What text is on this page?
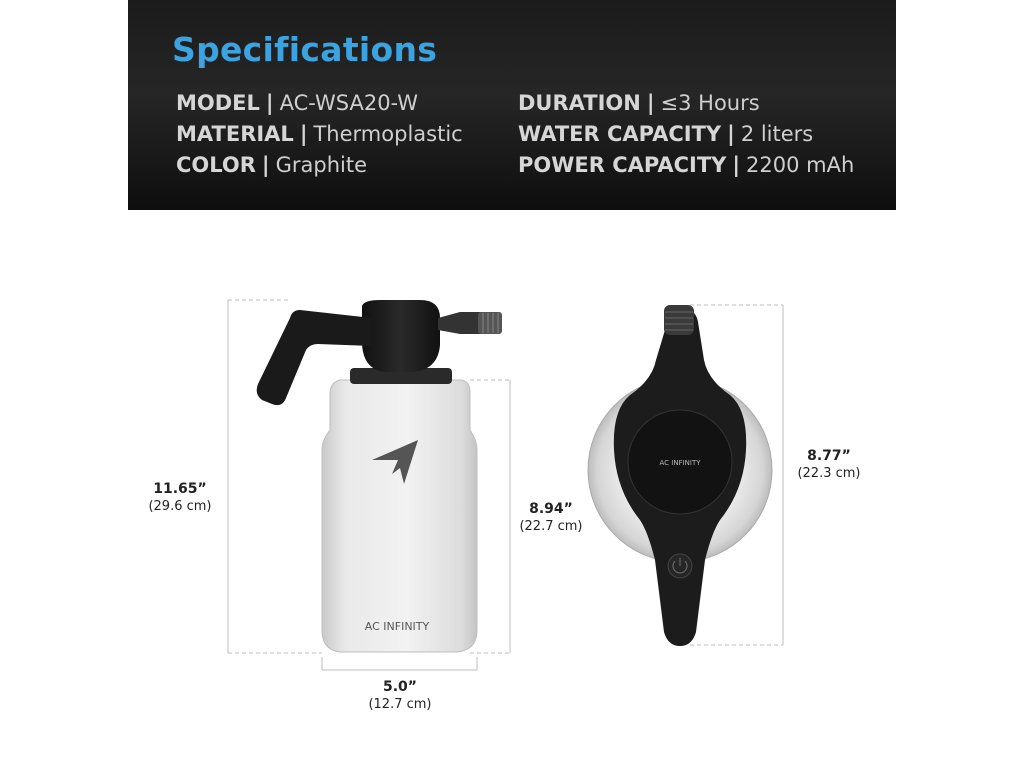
Specifications
MODEL | AC-WSA20-W
MATERIAL | Thermoplastic
COLOR | Graphite
DURATION | ≤3 Hours
WATER CAPACITY | 2 liters
POWER CAPACITY | 2200 mAh
AC INFINITY
AC INFINITY
11.65”
(29.6 cm)	8.94”
(22.7 cm)
5.0”
(12.7 cm)
8.77”
(22.3 cm)
